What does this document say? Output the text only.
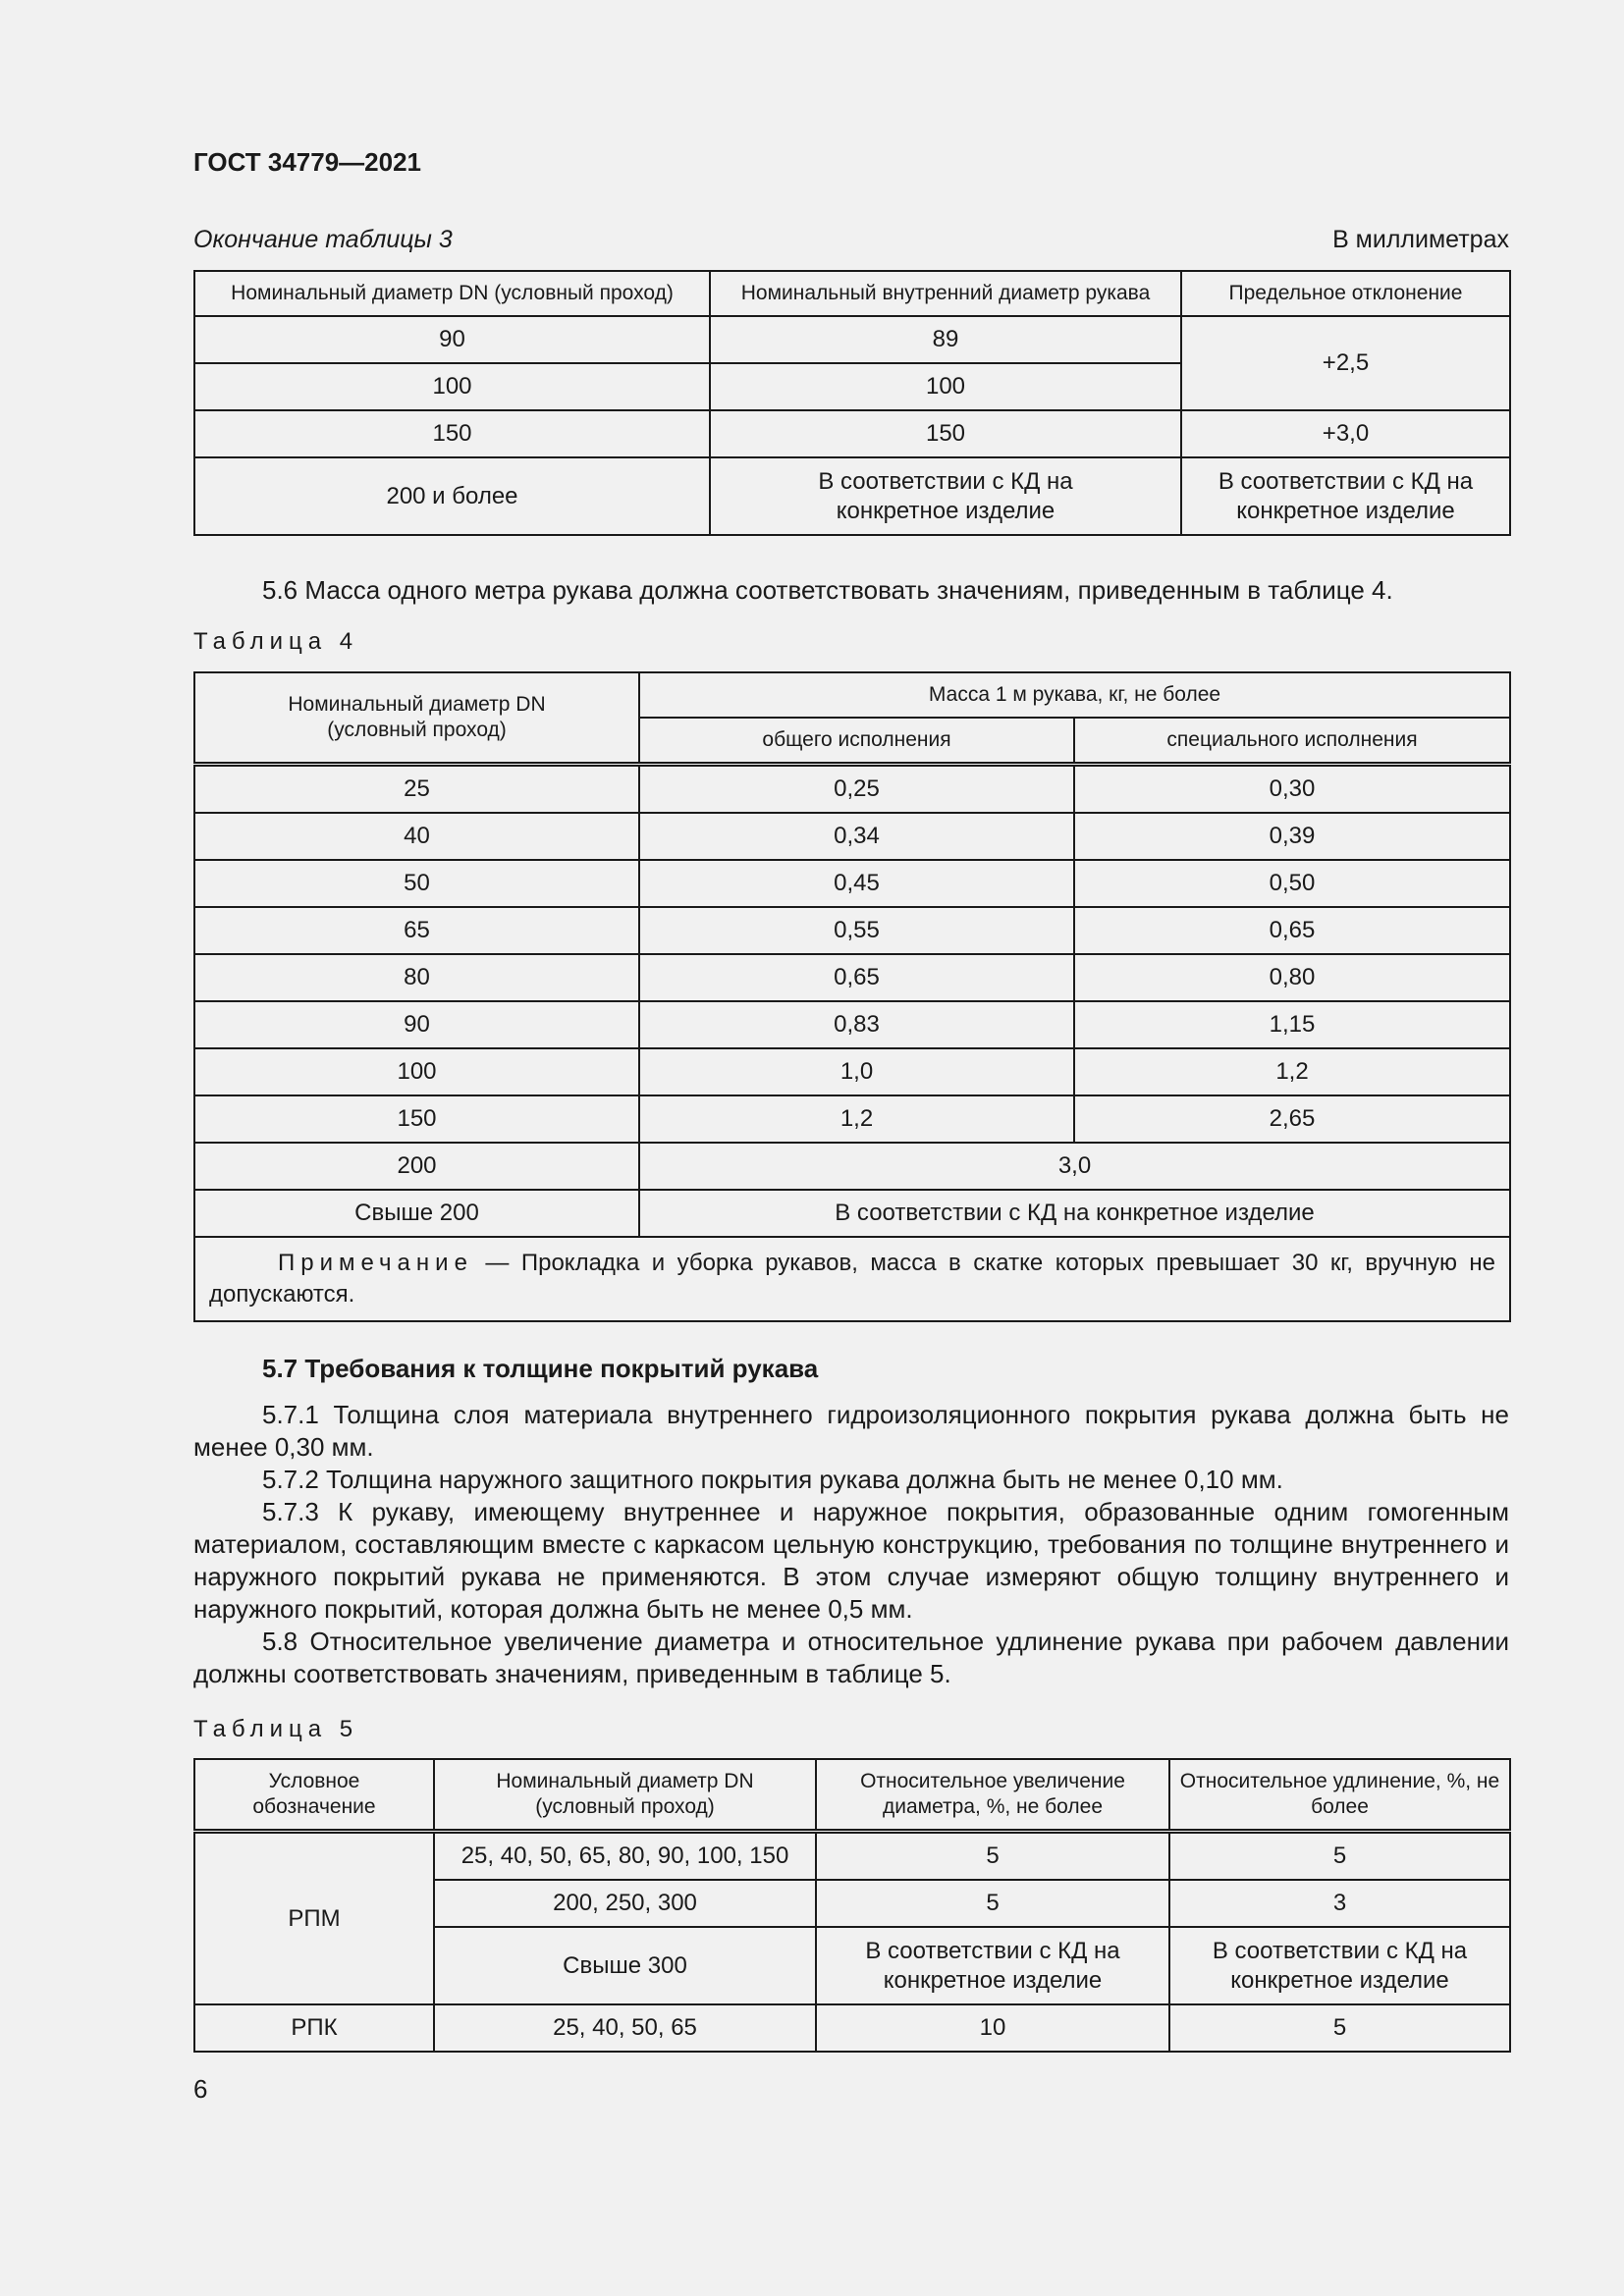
ГОСТ 34779—2021
Окончание таблицы 3	В миллиметрах
Номинальный диаметр DN (условный проход)	Номинальный внутренний диаметр рукава	Предельное отклонение
90	89	+2,5
100	100	
150	150	+3,0
200 и более	В соответствии с КД на конкретное изделие	В соответствии с КД на конкретное изделие

5.6 Масса одного метра рукава должна соответствовать значениям, приведенным в таблице 4.

Таблица 4
Номинальный диаметр DN (условный проход)	Масса 1 м рукава, кг, не более	
	общего исполнения	специального исполнения
25	0,25	0,30
40	0,34	0,39
50	0,45	0,50
65	0,55	0,65
80	0,65	0,80
90	0,83	1,15
100	1,0	1,2
150	1,2	2,65
200	3,0	
Свыше 200	В соответствии с КД на конкретное изделие	
Примечание — Прокладка и уборка рукавов, масса в скатке которых превышает 30 кг, вручную не допускаются.		

5.7 Требования к толщине покрытий рукава

5.7.1 Толщина слоя материала внутреннего гидроизоляционного покрытия рукава должна быть не менее 0,30 мм.

5.7.2 Толщина наружного защитного покрытия рукава должна быть не менее 0,10 мм.

5.7.3 К рукаву, имеющему внутреннее и наружное покрытия, образованные одним гомогенным материалом, составляющим вместе с каркасом цельную конструкцию, требования по толщине внутреннего и наружного покрытий рукава не применяются. В этом случае измеряют общую толщину внутреннего и наружного покрытий, которая должна быть не менее 0,5 мм.

5.8 Относительное увеличение диаметра и относительное удлинение рукава при рабочем давлении должны соответствовать значениям, приведенным в таблице 5.

Таблица 5
Условное обозначение	Номинальный диаметр DN (условный проход)	Относительное увеличение диаметра, %, не более	Относительное удлинение, %, не более
РПМ	25, 40, 50, 65, 80, 90, 100, 150	5	5
	200, 250, 300	5	3
	Свыше 300	В соответствии с КД на конкретное изделие	В соответствии с КД на конкретное изделие
РПК	25, 40, 50, 65	10	5
6
